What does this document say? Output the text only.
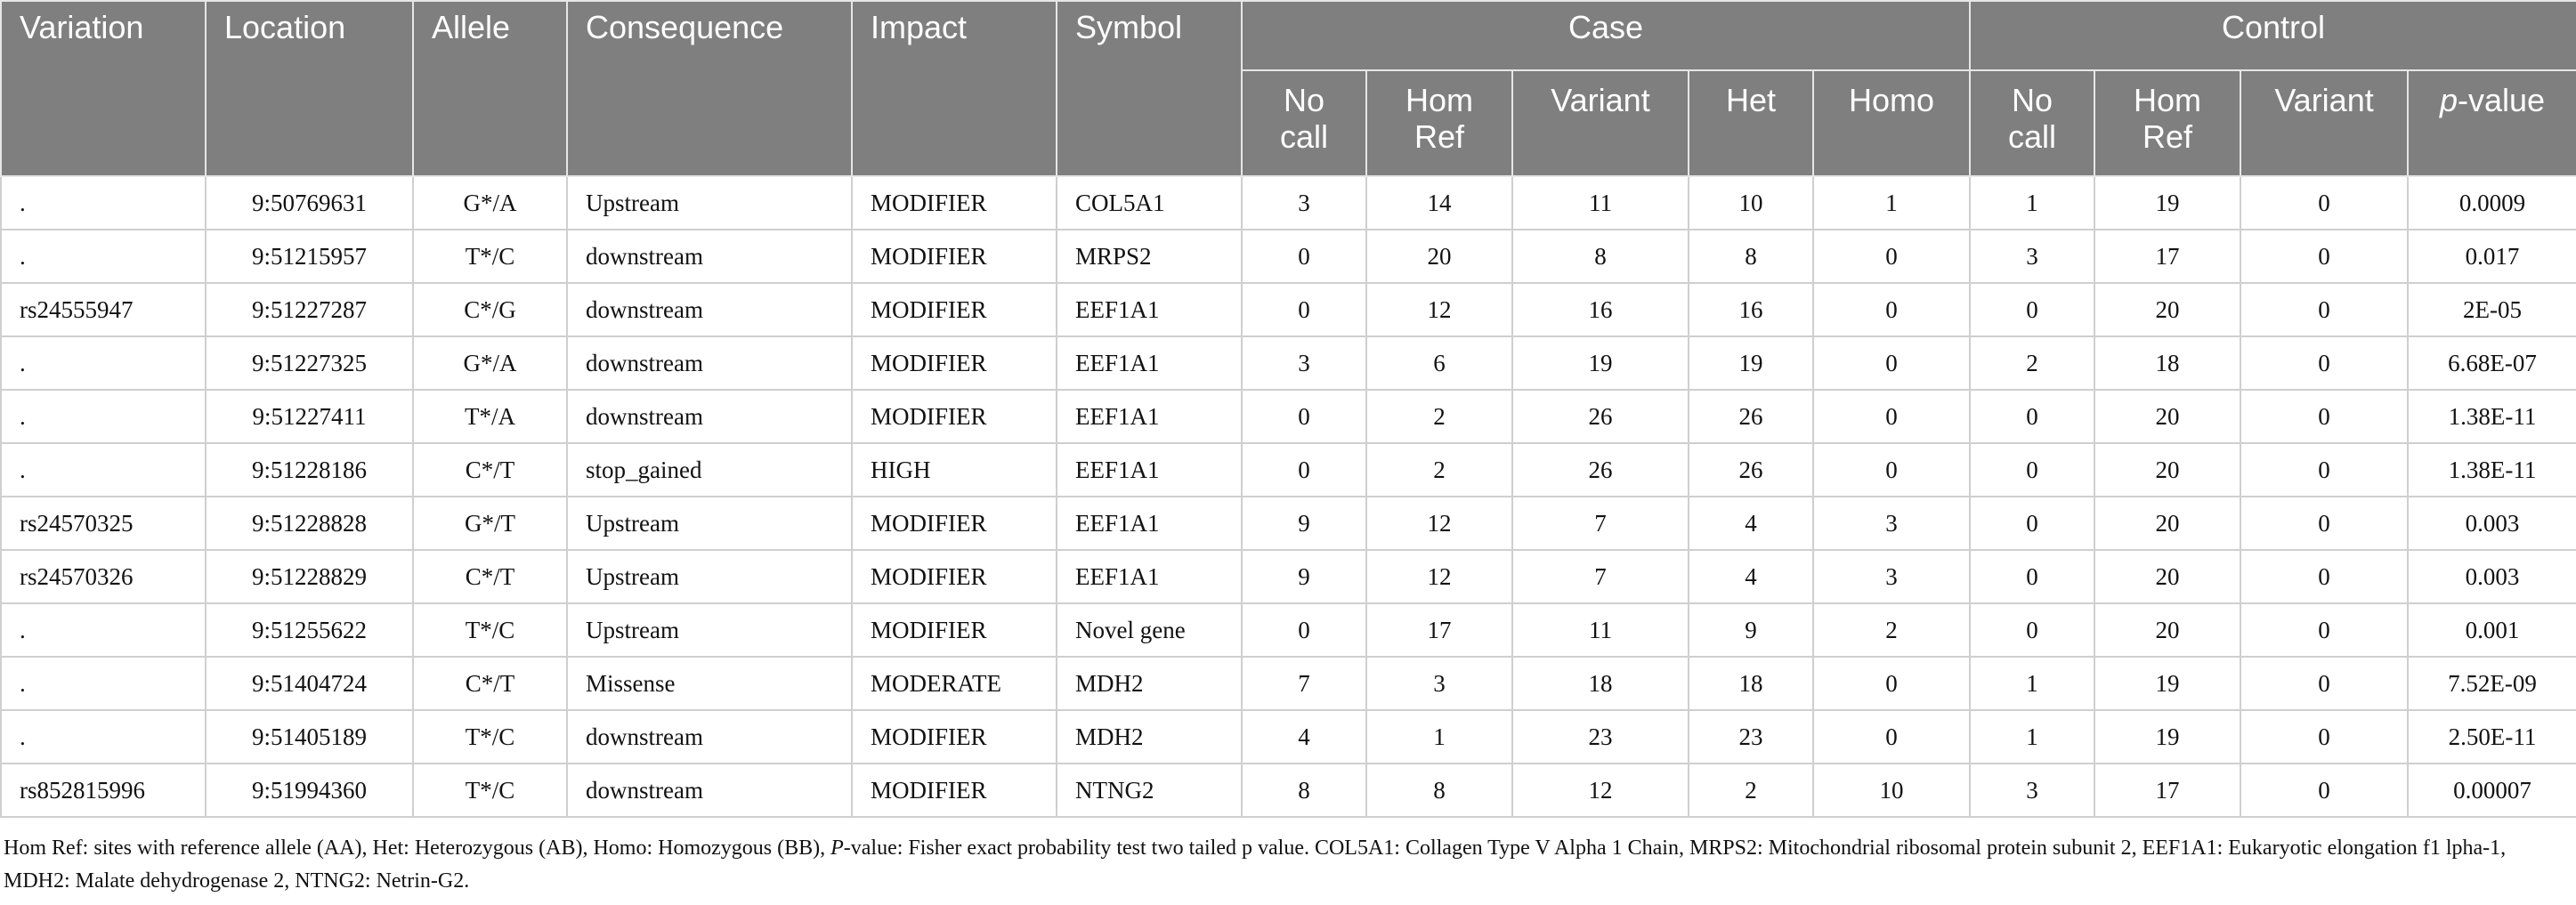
Variation	Location	Allele	Consequence	Impact	Symbol	Case					Control			
						No call	Hom Ref	Variant	Het	Homo	No call	Hom Ref	Variant	p-value
.	9:50769631	G*/A	Upstream	MODIFIER	COL5A1	3	14	11	10	1	1	19	0	0.0009
.	9:51215957	T*/C	downstream	MODIFIER	MRPS2	0	20	8	8	0	3	17	0	0.017
rs24555947	9:51227287	C*/G	downstream	MODIFIER	EEF1A1	0	12	16	16	0	0	20	0	2E-05
.	9:51227325	G*/A	downstream	MODIFIER	EEF1A1	3	6	19	19	0	2	18	0	6.68E-07
.	9:51227411	T*/A	downstream	MODIFIER	EEF1A1	0	2	26	26	0	0	20	0	1.38E-11
.	9:51228186	C*/T	stop_gained	HIGH	EEF1A1	0	2	26	26	0	0	20	0	1.38E-11
rs24570325	9:51228828	G*/T	Upstream	MODIFIER	EEF1A1	9	12	7	4	3	0	20	0	0.003
rs24570326	9:51228829	C*/T	Upstream	MODIFIER	EEF1A1	9	12	7	4	3	0	20	0	0.003
.	9:51255622	T*/C	Upstream	MODIFIER	Novel gene	0	17	11	9	2	0	20	0	0.001
.	9:51404724	C*/T	Missense	MODERATE	MDH2	7	3	18	18	0	1	19	0	7.52E-09
.	9:51405189	T*/C	downstream	MODIFIER	MDH2	4	1	23	23	0	1	19	0	2.50E-11
rs852815996	9:51994360	T*/C	downstream	MODIFIER	NTNG2	8	8	12	2	10	3	17	0	0.00007
Hom Ref: sites with reference allele (AA), Het: Heterozygous (AB), Homo: Homozygous (BB), P-value: Fisher exact probability test two tailed p value. COL5A1: Collagen Type V Alpha 1 Chain, MRPS2: Mitochondrial ribosomal protein subunit 2, EEF1A1: Eukaryotic elongation f1 lpha-1, MDH2: Malate dehydrogenase 2, NTNG2: Netrin-G2.
